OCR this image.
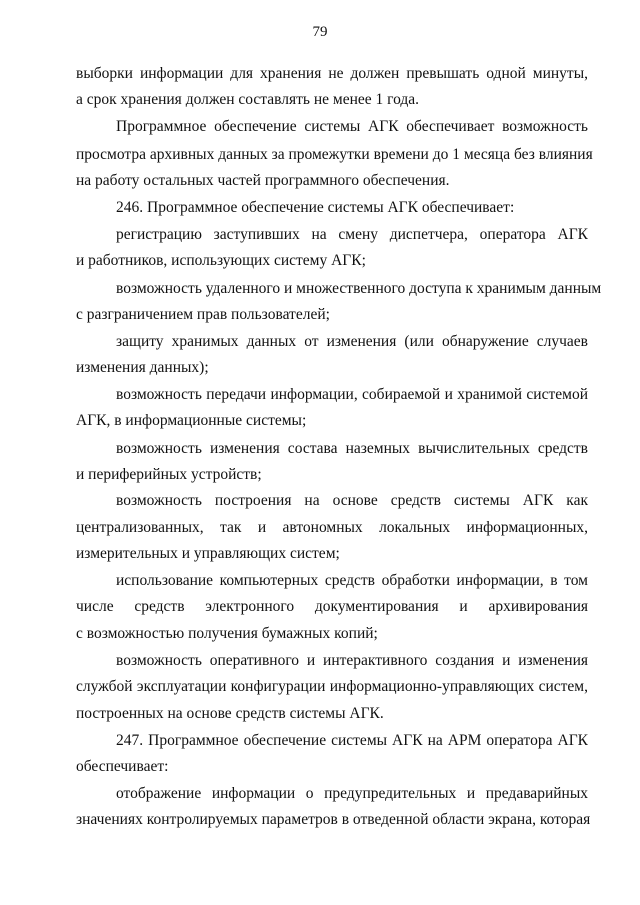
79
выборки информации для хранения не должен превышать одной минуты,
а срок хранения должен составлять не менее 1 года.
Программное обеспечение системы АГК обеспечивает возможность
просмотра архивных данных за промежутки времени до 1 месяца без влияния
на работу остальных частей программного обеспечения.
246. Программное обеспечение системы АГК обеспечивает:
регистрацию заступивших на смену диспетчера, оператора АГК
и работников, использующих систему АГК;
возможность удаленного и множественного доступа к хранимым данным
с разграничением прав пользователей;
защиту хранимых данных от изменения (или обнаружение случаев
изменения данных);
возможность передачи информации, собираемой и хранимой системой
АГК, в информационные системы;
возможность изменения состава наземных вычислительных средств
и периферийных устройств;
возможность построения на основе средств системы АГК как
централизованных, так и автономных локальных информационных,
измерительных и управляющих систем;
использование компьютерных средств обработки информации, в том
числе средств электронного документирования и архивирования
с возможностью получения бумажных копий;
возможность оперативного и интерактивного создания и изменения
службой эксплуатации конфигурации информационно-управляющих систем,
построенных на основе средств системы АГК.
247. Программное обеспечение системы АГК на АРМ оператора АГК
обеспечивает:
отображение информации о предупредительных и предаварийных
значениях контролируемых параметров в отведенной области экрана, которая
